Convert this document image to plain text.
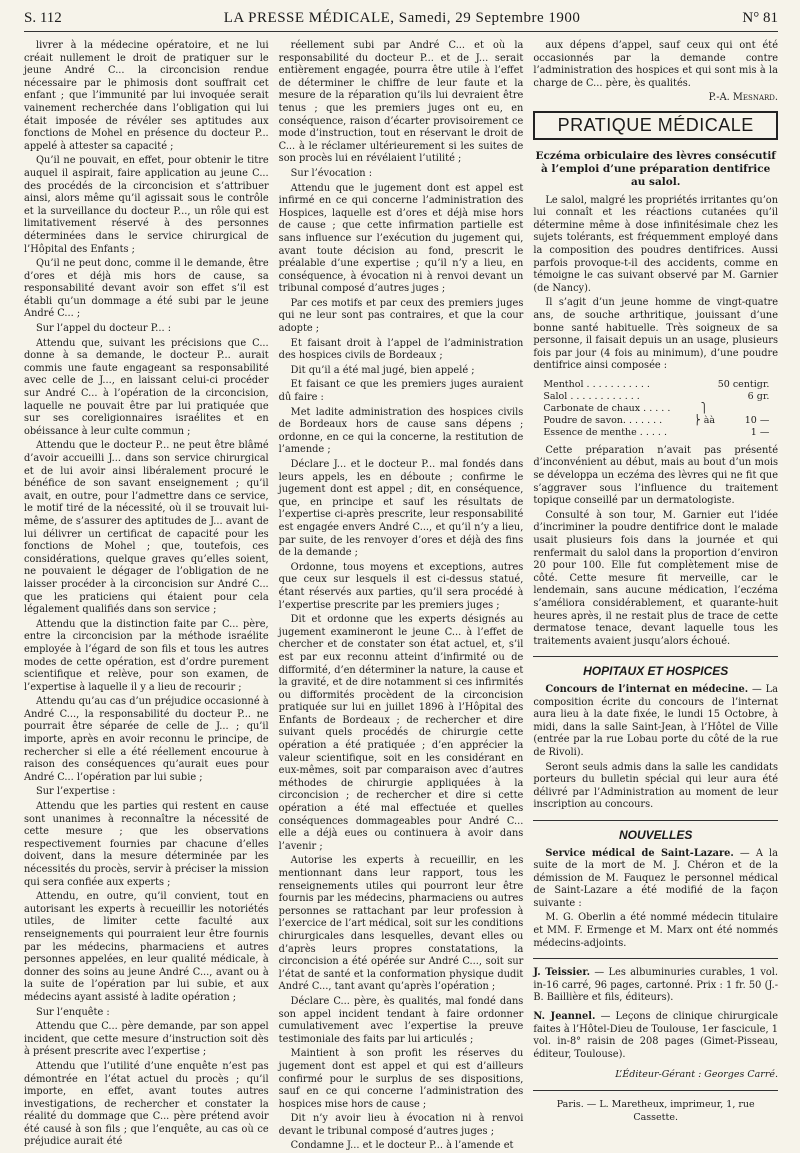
S. 112	LA PRESSE MÉDICALE, Samedi, 29 Septembre 1900	N° 81

livrer à la médecine opératoire, et ne lui créait nullement le droit de pratiquer sur le jeune André C... la circoncision rendue nécessaire par le phimosis dont souffrait cet enfant ; que l’immunité par lui invoquée serait vainement recherchée dans l’obligation qui lui était imposée de révéler ses aptitudes aux fonctions de Mohel en présence du docteur P... appelé à attester sa capacité ;

Qu’il ne pouvait, en effet, pour obtenir le titre auquel il aspirait, faire application au jeune C... des procédés de la circoncision et s’attribuer ainsi, alors même qu’il agissait sous le contrôle et la surveillance du docteur P..., un rôle qui est limitativement réservé à des personnes déterminées dans le service chirurgical de l’Hôpital des Enfants ;

Qu’il ne peut donc, comme il le demande, être d’ores et déjà mis hors de cause, sa responsabilité devant avoir son effet s’il est établi qu’un dommage a été subi par le jeune André C... ;

Sur l’appel du docteur P... :

Attendu que, suivant les précisions que C... donne à sa demande, le docteur P... aurait commis une faute engageant sa responsabilité avec celle de J..., en laissant celui-ci procéder sur André C... à l’opération de la circoncision, laquelle ne pouvait être par lui pratiquée que sur ses coreligionnaires israélites et en obéissance à leur culte commun ;

Attendu que le docteur P... ne peut être blâmé d’avoir accueilli J... dans son service chirurgical et de lui avoir ainsi libéralement procuré le bénéfice de son savant enseignement ; qu’il avait, en outre, pour l’admettre dans ce service, le motif tiré de la nécessité, où il se trouvait lui-même, de s’assurer des aptitudes de J... avant de lui délivrer un certificat de capacité pour les fonctions de Mohel ; que, toutefois, ces considérations, quelque graves qu’elles soient, ne pouvaient le dégager de l’obligation de ne laisser procéder à la circoncision sur André C... que les praticiens qui étaient pour cela légalement qualifiés dans son service ;

Attendu que la distinction faite par C... père, entre la circoncision par la méthode israélite employée à l’égard de son fils et tous les autres modes de cette opération, est d’ordre purement scientifique et relève, pour son examen, de l’expertise à laquelle il y a lieu de recourir ;

Attendu qu’au cas d’un préjudice occasionné à André C..., la responsabilité du docteur P... ne pourrait être séparée de celle de J... ; qu’il importe, après en avoir reconnu le principe, de rechercher si elle a été réellement encourue à raison des conséquences qu’aurait eues pour André C... l’opération par lui subie ;

Sur l’expertise :

Attendu que les parties qui restent en cause sont unanimes à reconnaître la nécessité de cette mesure ; que les observations respectivement fournies par chacune d’elles doivent, dans la mesure déterminée par les nécessités du procès, servir à préciser la mission qui sera confiée aux experts ;

Attendu, en outre, qu’il convient, tout en autorisant les experts à recueillir les notoriétés utiles, de limiter cette faculté aux renseignements qui pourraient leur être fournis par les médecins, pharmaciens et autres personnes appelées, en leur qualité médicale, à donner des soins au jeune André C..., avant ou à la suite de l’opération par lui subie, et aux médecins ayant assisté à ladite opération ;

Sur l’enquête :

Attendu que C... père demande, par son appel incident, que cette mesure d’instruction soit dès à présent prescrite avec l’expertise ;

Attendu que l’utilité d’une enquête n’est pas démontrée en l’état actuel du procès ; qu’il importe, en effet, avant toutes autres investigations, de rechercher et constater la réalité du dommage que C... père prétend avoir été causé à son fils ; que l’enquête, au cas où ce préjudice aurait été

réellement subi par André C... et où la responsabilité du docteur P... et de J... serait entièrement engagée, pourra être utile à l’effet de déterminer le chiffre de leur faute et la mesure de la réparation qu’ils lui devraient être tenus ; que les premiers juges ont eu, en conséquence, raison d’écarter provisoirement ce mode d’instruction, tout en réservant le droit de C... à le réclamer ultérieurement si les suites de son procès lui en révélaient l’utilité ;

Sur l’évocation :

Attendu que le jugement dont est appel est infirmé en ce qui concerne l’administration des Hospices, laquelle est d’ores et déjà mise hors de cause ; que cette infirmation partielle est sans influence sur l’exécution du jugement qui, avant toute décision au fond, prescrit le préalable d’une expertise ; qu’il n’y a lieu, en conséquence, à évocation ni à renvoi devant un tribunal composé d’autres juges ;

Par ces motifs et par ceux des premiers juges qui ne leur sont pas contraires, et que la cour adopte ;

Et faisant droit à l’appel de l’administration des hospices civils de Bordeaux ;

Dit qu’il a été mal jugé, bien appelé ;

Et faisant ce que les premiers juges auraient dû faire :

Met ladite administration des hospices civils de Bordeaux hors de cause sans dépens ; ordonne, en ce qui la concerne, la restitution de l’amende ;

Déclare J... et le docteur P... mal fondés dans leurs appels, les en déboute ; confirme le jugement dont est appel ; dit, en conséquence, que, en principe et sauf les résultats de l’expertise ci-après prescrite, leur responsabilité est engagée envers André C..., et qu’il n’y a lieu, par suite, de les renvoyer d’ores et déjà des fins de la demande ;

Ordonne, tous moyens et exceptions, autres que ceux sur lesquels il est ci-dessus statué, étant réservés aux parties, qu’il sera procédé à l’expertise prescrite par les premiers juges ;

Dit et ordonne que les experts désignés au jugement examineront le jeune C... à l’effet de chercher et de constater son état actuel, et, s’il est par eux reconnu atteint d’infirmité ou de difformité, d’en déterminer la nature, la cause et la gravité, et de dire notamment si ces infirmités ou difformités procèdent de la circoncision pratiquée sur lui en juillet 1896 à l’Hôpital des Enfants de Bordeaux ; de rechercher et dire suivant quels procédés de chirurgie cette opération a été pratiquée ; d’en apprécier la valeur scientifique, soit en les considérant en eux-mêmes, soit par comparaison avec d’autres méthodes de chirurgie appliquées à la circoncision ; de rechercher et dire si cette opération a été mal effectuée et quelles conséquences dommageables pour André C... elle a déjà eues ou continuera à avoir dans l’avenir ;

Autorise les experts à recueillir, en les mentionnant dans leur rapport, tous les renseignements utiles qui pourront leur être fournis par les médecins, pharmaciens ou autres personnes se rattachant par leur profession à l’exercice de l’art médical, soit sur les conditions chirurgicales dans lesquelles, devant elles ou d’après leurs propres constatations, la circoncision a été opérée sur André C..., soit sur l’état de santé et la conformation physique dudit André C..., tant avant qu’après l’opération ;

Déclare C... père, ès qualités, mal fondé dans son appel incident tendant à faire ordonner cumulativement avec l’expertise la preuve testimoniale des faits par lui articulés ;

Maintient à son profit les réserves du jugement dont est appel et qui est d’ailleurs confirmé pour le surplus de ses dispositions, sauf en ce qui concerne l’administration des hospices mise hors de cause ;

Dit n’y avoir lieu à évocation ni à renvoi devant le tribunal composé d’autres juges ;

Condamne J... et le docteur P... à l’amende et

aux dépens d’appel, sauf ceux qui ont été occasionnés par la demande contre l’administration des hospices et qui sont mis à la charge de C... père, ès qualités.

P.-A. Mesnard.
PRATIQUE MÉDICALE
Eczéma orbiculaire des lèvres consécutif à l’emploi d’une préparation dentifrice au salol.

Le salol, malgré les propriétés irritantes qu’on lui connaît et les réactions cutanées qu’il détermine même à dose infinitésimale chez les sujets tolérants, est fréquemment employé dans la composition des poudres dentifrices. Aussi parfois provoque-t-il des accidents, comme en témoigne le cas suivant observé par M. Garnier (de Nancy).

Il s’agit d’un jeune homme de vingt-quatre ans, de souche arthritique, jouissant d’une bonne santé habituelle. Très soigneux de sa personne, il faisait depuis un an usage, plusieurs fois par jour (4 fois au minimum), d’une poudre dentifrice ainsi composée :

Menthol . . . . . . . . . . .	50 centigr.
Salol . . . . . . . . . . . .	6 gr.
Carbonate de chaux . . . . .	⎫
Poudre de savon. . . . . . .	⎬ àà	10 —
Essence de menthe . . . . .	1 —

Cette préparation n’avait pas présenté d’inconvénient au début, mais au bout d’un mois se développa un eczéma des lèvres qui ne fit que s’aggraver sous l’influence du traitement topique conseillé par un dermatologiste.

Consulté à son tour, M. Garnier eut l’idée d’incriminer la poudre dentifrice dont le malade usait plusieurs fois dans la journée et qui renfermait du salol dans la proportion d’environ 20 pour 100. Elle fut complètement mise de côté. Cette mesure fit merveille, car le lendemain, sans aucune médication, l’eczéma s’améliora considérablement, et quarante-huit heures après, il ne restait plus de trace de cette dermatose tenace, devant laquelle tous les traitements avaient jusqu’alors échoué.

HOPITAUX ET HOSPICES

Concours de l’internat en médecine. — La composition écrite du concours de l’internat aura lieu à la date fixée, le lundi 15 Octobre, à midi, dans la salle Saint-Jean, à l’Hôtel de Ville (entrée par la rue Lobau porte du côté de la rue de Rivoli).

Seront seuls admis dans la salle les candidats porteurs du bulletin spécial qui leur aura été délivré par l’Administration au moment de leur inscription au concours.

NOUVELLES

Service médical de Saint-Lazare. — A la suite de la mort de M. J. Chéron et de la démission de M. Fauquez le personnel médical de Saint-Lazare a été modifié de la façon suivante :

M. G. Oberlin a été nommé médecin titulaire et MM. F. Ermenge et M. Marx ont été nommés médecins-adjoints.

J. Teissier. — Les albuminuries curables, 1 vol. in-16 carré, 96 pages, cartonné. Prix : 1 fr. 50 (J.-B. Baillière et fils, éditeurs).

N. Jeannel. — Leçons de clinique chirurgicale faites à l’Hôtel-Dieu de Toulouse, 1er fascicule, 1 vol. in-8° raisin de 208 pages (Gimet-Pisseau, éditeur, Toulouse).

L’Éditeur-Gérant : Georges Carré.
Paris. — L. Maretheux, imprimeur, 1, rue Cassette.
